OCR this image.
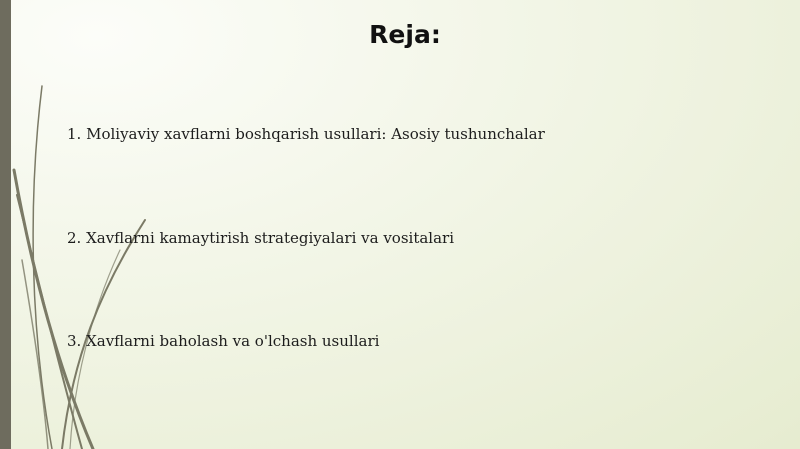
Reja:
1. Moliyaviy xavflarni boshqarish usullari: Asosiy tushunchalar
2. Xavflarni kamaytirish strategiyalari va vositalari
3. Xavflarni baholash va o'lchash usullari
